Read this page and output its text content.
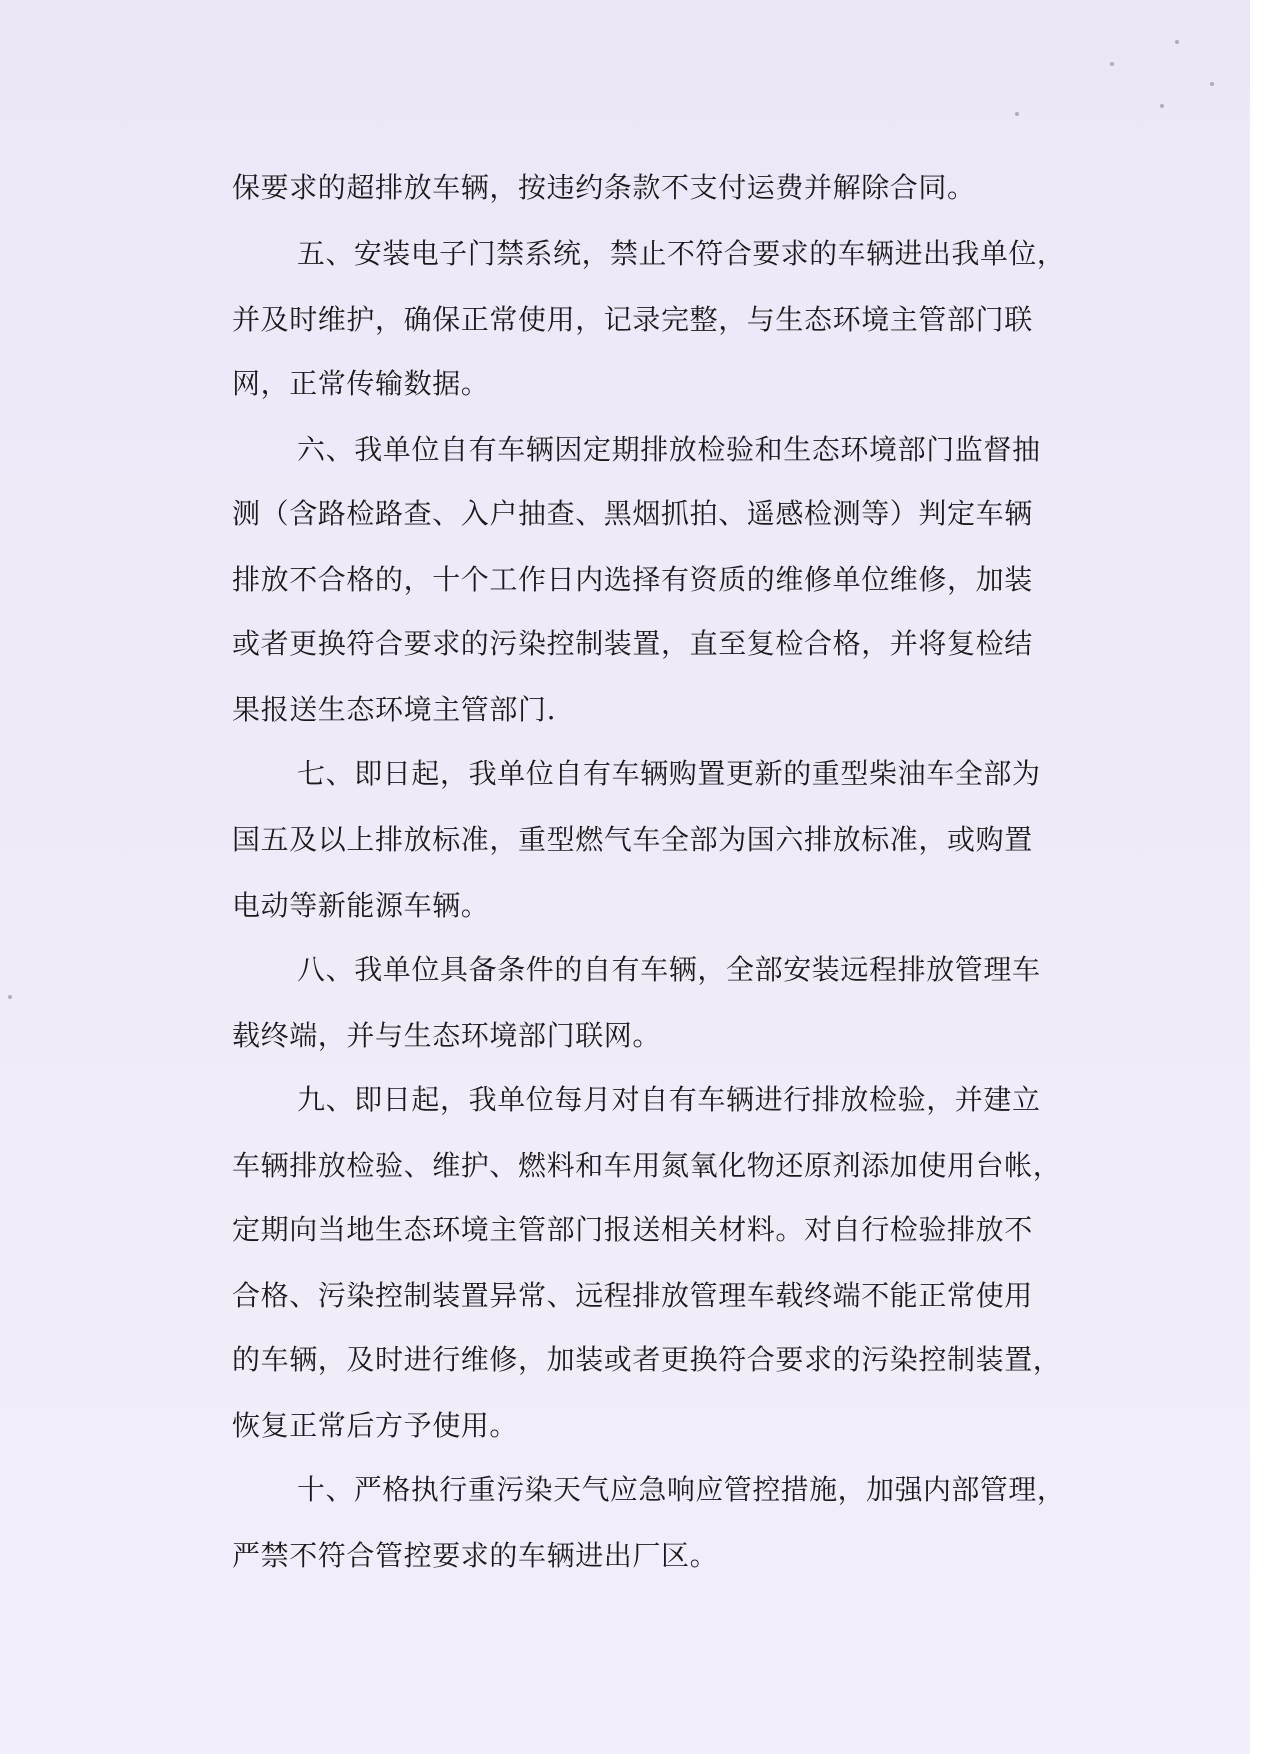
保要求的超排放车辆，按违约条款不支付运费并解除合同。
五、安装电子门禁系统，禁止不符合要求的车辆进出我单位，
并及时维护，确保正常使用，记录完整，与生态环境主管部门联
网，正常传输数据。
六、我单位自有车辆因定期排放检验和生态环境部门监督抽
测（含路检路查、入户抽查、黑烟抓拍、遥感检测等）判定车辆
排放不合格的，十个工作日内选择有资质的维修单位维修，加装
或者更换符合要求的污染控制装置，直至复检合格，并将复检结
果报送生态环境主管部门.
七、即日起，我单位自有车辆购置更新的重型柴油车全部为
国五及以上排放标准，重型燃气车全部为国六排放标准，或购置
电动等新能源车辆。
八、我单位具备条件的自有车辆，全部安装远程排放管理车
载终端，并与生态环境部门联网。
九、即日起，我单位每月对自有车辆进行排放检验，并建立
车辆排放检验、维护、燃料和车用氮氧化物还原剂添加使用台帐，
定期向当地生态环境主管部门报送相关材料。对自行检验排放不
合格、污染控制装置异常、远程排放管理车载终端不能正常使用
的车辆，及时进行维修，加装或者更换符合要求的污染控制装置，
恢复正常后方予使用。
十、严格执行重污染天气应急响应管控措施，加强内部管理，
严禁不符合管控要求的车辆进出厂区。
